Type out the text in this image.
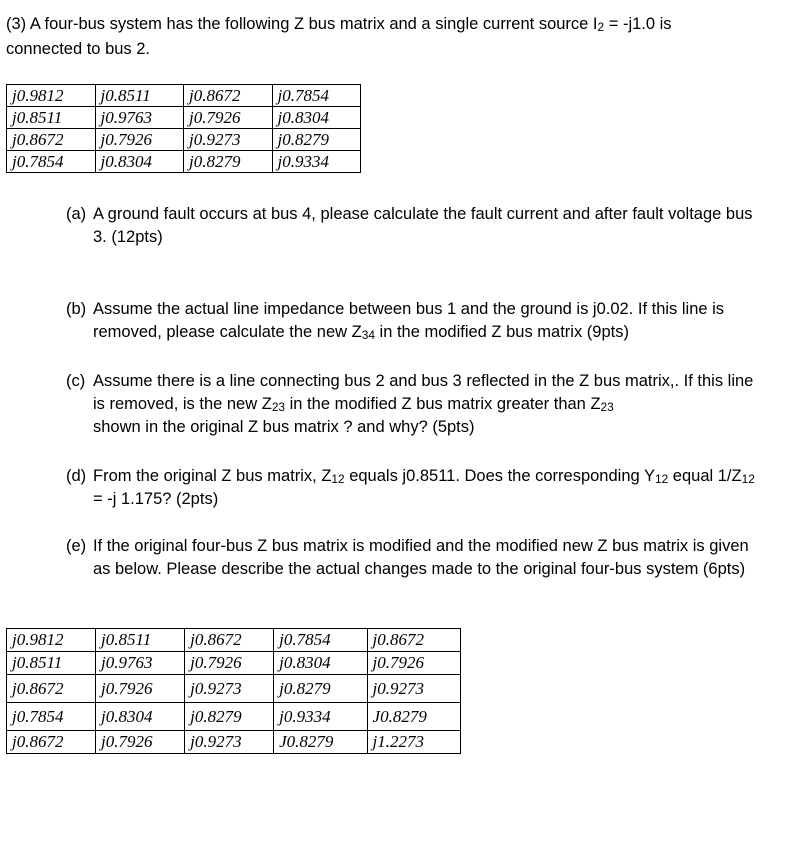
(3) A four-bus system has the following Z bus matrix and a single current source $I_2 = -j1.0$ is
connected to bus 2.
j0.9812	j0.8511	j0.8672	j0.7854
j0.8511	j0.9763	j0.7926	j0.8304
j0.8672	j0.7926	j0.9273	j0.8279
j0.7854	j0.8304	j0.8279	j0.9334
(a) A ground fault occurs at bus 4, please calculate the fault current and after fault voltage bus 3. (12pts)

(b) Assume the actual line impedance between bus 1 and the ground is j0.02. If this line is removed, please calculate the new $Z_{34}$ in the modified Z bus matrix (9pts)

(c) Assume there is a line connecting bus 2 and bus 3 reflected in the Z bus matrix,. If this line is removed, is the new $Z_{23}$ in the modified Z bus matrix greater than $Z_{23}$
shown in the original Z bus matrix ? and why? (5pts)

(d) From the original Z bus matrix, $Z_{12}$ equals j0.8511. Does the corresponding $Y_{12}$ equal $1/Z_{12} = -j$ 1.175? (2pts)

(e) If the original four-bus Z bus matrix is modified and the modified new Z bus matrix is given as below. Please describe the actual changes made to the original four-bus system (6pts)

j0.9812	j0.8511	j0.8672	j0.7854	j0.8672
j0.8511	j0.9763	j0.7926	j0.8304	j0.7926
j0.8672	j0.7926	j0.9273	j0.8279	j0.9273
j0.7854	j0.8304	j0.8279	j0.9334	J0.8279
j0.8672	j0.7926	j0.9273	J0.8279	j1.2273
